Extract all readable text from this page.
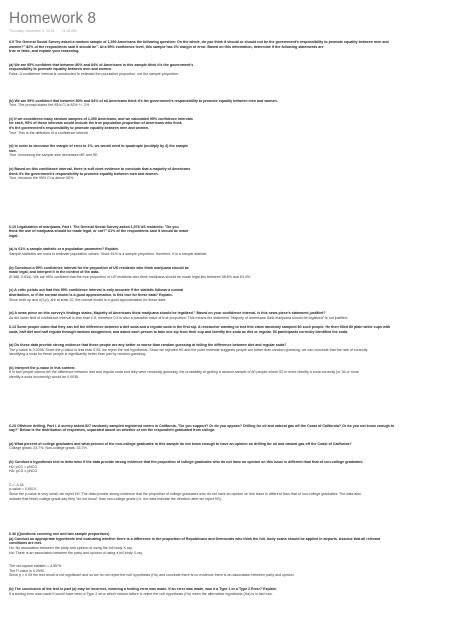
Homework 8
Thursday, November 5, 2015        11:28 AM
6.5 The General Social Survey asked a random sample of 1,390 Americans the following question: On the whole, do you think it should or should not be the government's responsibility to promote equality between men and
women?" 82% of the respondents said it should be". At a 95% confidence level, this sample has 2% margin of error. Based on this information, determine if the following statements are
true or false, and explain your reasoning.
(a) We are 95% confident that between 80% and 84% of Americans in this sample think it's the government's
responsibility to promote equality between men and women.
False. A confidence interval is constructed to estimate the population proportion, not the sample proportion.
(b) We are 95% confident that between 80% and 84% of all Americans think it's the government's responsibility to promote equality between men and women.
True. The prompt states the 95% CI is 82% +/- 2%
(c) If we considered many random samples of 1,390 Americans, and we calculated 95% confidence intervals
for each, 95% of these intervals would include the true population proportion of Americans who think
it's the government's responsibility to promote equality between men and women.
True. This is the definition of a confidence interval.
(d) In order to decrease the margin of error to 1%, we would need to quadruple (multiply by 4) the sample
size.
True. Increasing the sample size decreases ME and SE.
(e) Based on this confidence interval, there is suff cient evidence to conclude that a majority of Americans
think it's the government's responsibility to promote equality between men and women.
True, because the 95% CI is above 50%
6.10 Legalization of marijuana, Part I. The General Social Survey asked 1,578 US residents: "Do you
think the use of marijuana should be made legal, or not?" 61% of the respondents said it should be made
legal.
(a) Is 61% a sample statistic or a population parameter? Explain.
Sample statistics are used to estimate population values. Since 61% is a sample proportion, therefore, it is a sample statistic.
(b) Construct a 95% confidence interval for the proportion of US residents who think marijuana should be
made legal, and interpret it in the context of the data.
(0.586, 0.634). We are 95% confident that the true proportion of US residents who think marijuana should be made legal lies between 58.6% and 63.4%.
(c) A critic points out that this 95% confidence interval is only accurate if the statistic follows a normal
distribution, or if the normal model is a good approximation. Is this true for these data? Explain.
Since both np and n(1-p), are at least 10, the normal model is a good approximation for these data.
(d) A news piece on this survey's findings states, Majority of Americans think marijuana should be legalized." Based on your confidence interval, is this news piece's statement justified?
As the lower limit of confidence interval is less than 0.5, therefore 0.5 is also a plausible value of true proportion. This means the statement "Majority of Americans think marijuana should be legalized" is not justified.
6.13 Some people claim that they can tell the difference between a diet soda and a regular soda in the first sip. A researcher wanting to test this claim randomly sampled 80 such people. He then filled 80 plain white cups with
soda, half diet and half regular through random assignment, and asked each person to take one sip from their cup and identify the soda as diet or regular. 53 participants correctly identified the soda.
(a) Do these data provide strong evidence that these people are any better or worse than random guessing at telling the difference between diet and regular soda?
The p-value is 0.0036. Since the p-value is less than 0.05, we reject the null hypothesis. Since we rejected H0 and the point estimate suggests people are better than random guessing, we can conclude that the rate of correctly
identifying a soda for these people is significantly better than just by random guessing.
(b) Interpret the p-value in this context.
If in fact people cannot tell the difference between diet and regular soda and they were randomly guessing, the probability of getting a random sample of 80 people where 53 or more identify a soda correctly (or 35 or more
identify a soda incorrectly) would be 0.0036.
6.23 Offshore drilling, Part I. A survey asked 827 randomly sampled registered voters in California, "Do you support? Or do you oppose? Drilling for oil and natural gas off the Coast of California? Or do you not know enough to
say?" Below is the distribution of responses, separated based on whether or not the respondent graduated from college.
(a) What percent of college graduates and what percent of the non-college graduates in this sample do not know enough to have an opinion on drilling for oil and natural gas off the Coast of California?
College grads: 23.7%. Non-college grads: 33.7%.
(b) Conduct a hypothesis test to determine if the data provide strong evidence that the proportion of college graduates who do not have an opinion on this issue is different than that of non-college graduates.
H0: pCG = pNCG
HA: pCG ≠ pNCG
Z = -3.18
p-value = 0.0014
Since the p-value is very small, we reject H0. The data provide strong evidence that the proportion of college graduates who do not have an opinion on this issue is different than that of non-college graduates. The data also
indicate that fewer college grads say they "do not know" than non-college grads (i.e. the data indicate the direction after we reject H0).
6.36 (Questions covering one and two sample proportions)
(a) Conduct an appropriate hypothesis test evaluating whether there is a difference in the proportion of Republicans and Democrats who think the full- body scans should be applied in airports. Assume that all relevant
conditions are met.
Ho: No association between the party and opinion of using the full body X-ray.
Ha: There is an association between the party and opinion of using a full body X-ray.
The chi-square statistic = 4.5576
The P-value is 0.2590.
Since p > 0.05 the test result is not significant and so we do not reject the null hypothesis (Ho) and conclude there is no evidence there is an association between party and opinion.
(b) The conclusion of the test in part (a) may be incorrect, meaning a testing error was made. If an error was made, was it a Type 1 or a Type 2 Error? Explain.
If a testing error was made it would have been a Type 2 error which means failure to reject the null hypothesis (Ho) when the alternative hypothesis (Ha) is in fact true.
